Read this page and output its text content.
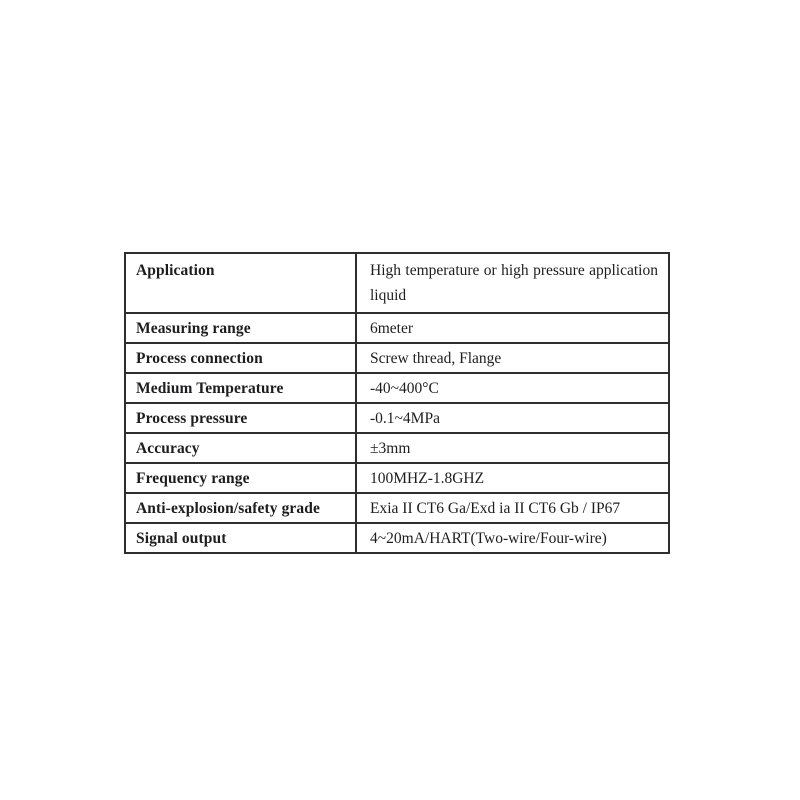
Application	High temperature or high pressure application liquid
Measuring range	6meter
Process connection	Screw thread, Flange
Medium Temperature	-40~400°C
Process pressure	-0.1~4MPa
Accuracy	±3mm
Frequency range	100MHZ-1.8GHZ
Anti-explosion/safety grade	Exia II CT6 Ga/Exd ia II CT6 Gb / IP67
Signal output	4~20mA/HART(Two-wire/Four-wire)
